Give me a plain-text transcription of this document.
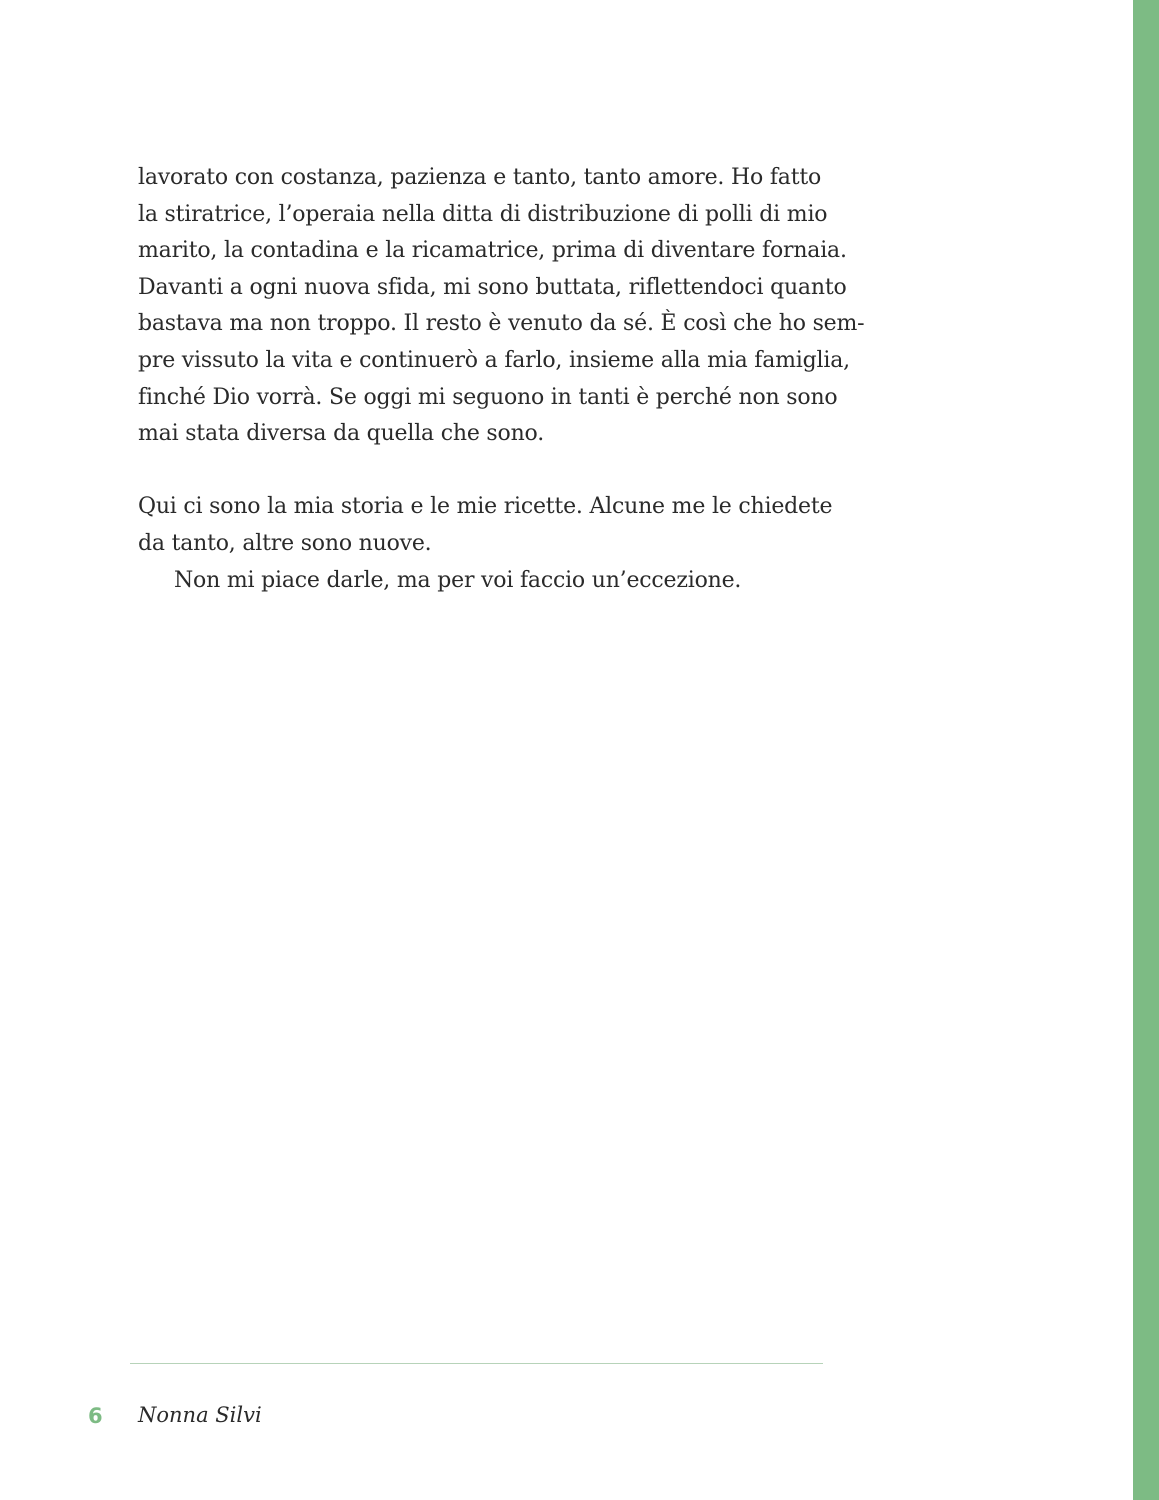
lavorato con costanza, pazienza e tanto, tanto amore. Ho fatto
la stiratrice, l’operaia nella ditta di distribuzione di polli di mio
marito, la contadina e la ricamatrice, prima di diventare fornaia.
Davanti a ogni nuova sfida, mi sono buttata, riflettendoci quanto
bastava ma non troppo. Il resto è venuto da sé. È così che ho sem-
pre vissuto la vita e continuerò a farlo, insieme alla mia famiglia,
finché Dio vorrà. Se oggi mi seguono in tanti è perché non sono
mai stata diversa da quella che sono.
Qui ci sono la mia storia e le mie ricette. Alcune me le chiedete
da tanto, altre sono nuove.
Non mi piace darle, ma per voi faccio un’eccezione.
6 Nonna Silvi
